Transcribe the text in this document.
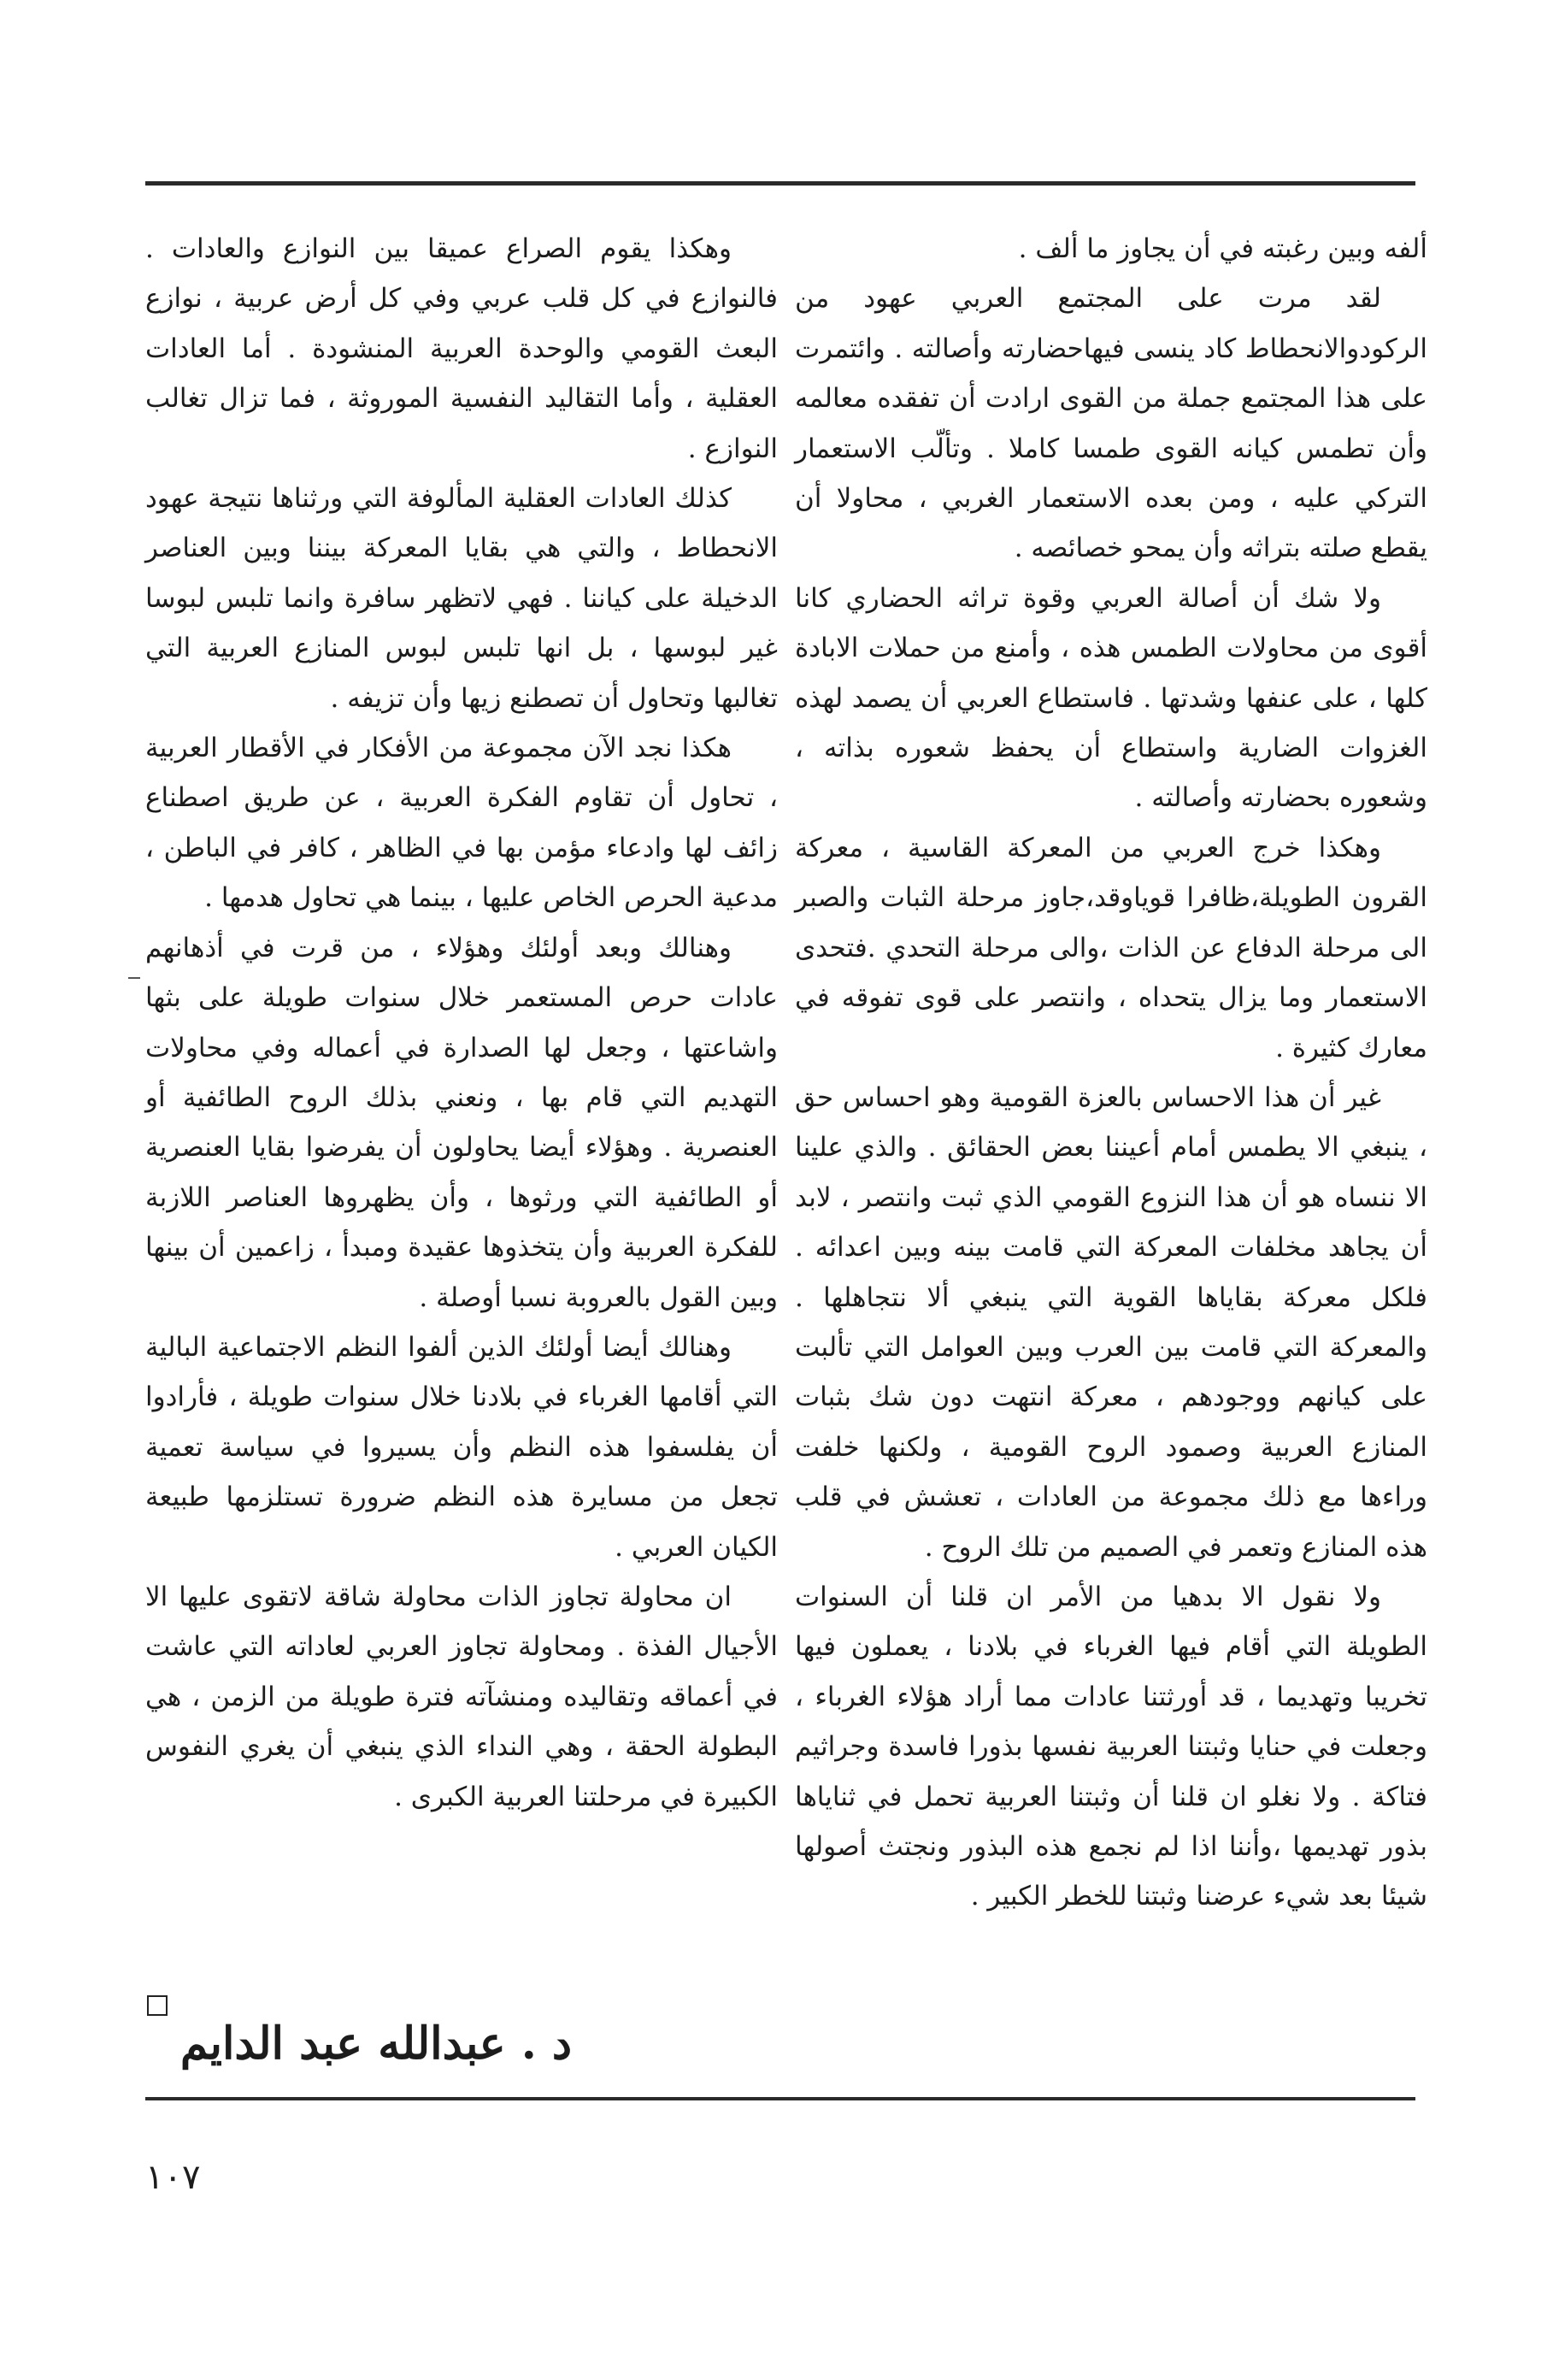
ألفه وبين رغبته في أن يجاوز ما ألف .

لقد مرت على المجتمع العربي عهود من الركودوالانحطاط كاد ينسى فيهاحضارته وأصالته . وائتمرت على هذا المجتمع جملة من القوى ارادت أن تفقده معالمه وأن تطمس كيانه القوى طمسا كاملا . وتألّب الاستعمار التركي عليه ، ومن بعده الاستعمار الغربي ، محاولا أن يقطع صلته بتراثه وأن يمحو خصائصه .

ولا شك أن أصالة العربي وقوة تراثه الحضاري كانا أقوى من محاولات الطمس هذه ، وأمنع من حملات الابادة كلها ، على عنفها وشدتها . فاستطاع العربي أن يصمد لهذه الغزوات الضارية واستطاع أن يحفظ شعوره بذاته ، وشعوره بحضارته وأصالته .

وهكذا خرج العربي من المعركة القاسية ، معركة القرون الطويلة،ظافرا قوياوقد،جاوز مرحلة الثبات والصبر الى مرحلة الدفاع عن الذات ،والى مرحلة التحدي .فتحدى الاستعمار وما يزال يتحداه ، وانتصر على قوى تفوقه في معارك كثيرة .

غير أن هذا الاحساس بالعزة القومية وهو احساس حق ، ينبغي الا يطمس أمام أعيننا بعض الحقائق . والذي علينا الا ننساه هو أن هذا النزوع القومي الذي ثبت وانتصر ، لابد أن يجاهد مخلفات المعركة التي قامت بينه وبين اعدائه . فلكل معركة بقاياها القوية التي ينبغي ألا نتجاهلها . والمعركة التي قامت بين العرب وبين العوامل التي تألبت على كيانهم ووجودهم ، معركة انتهت دون شك بثبات المنازع العربية وصمود الروح القومية ، ولكنها خلفت وراءها مع ذلك مجموعة من العادات ، تعشش في قلب هذه المنازع وتعمر في الصميم من تلك الروح .

ولا نقول الا بدهيا من الأمر ان قلنا أن السنوات الطويلة التي أقام فيها الغرباء في بلادنا ، يعملون فيها تخريبا وتهديما ، قد أورثتنا عادات مما أراد هؤلاء الغرباء ، وجعلت في حنايا وثبتنا العربية نفسها بذورا فاسدة وجراثيم فتاكة . ولا نغلو ان قلنا أن وثبتنا العربية تحمل في ثناياها بذور تهديمها ،وأننا اذا لم نجمع هذه البذور ونجتث أصولها شيئا بعد شيء عرضنا وثبتنا للخطر الكبير .

وهكذا يقوم الصراع عميقا بين النوازع والعادات . فالنوازع في كل قلب عربي وفي كل أرض عربية ، نوازع البعث القومي والوحدة العربية المنشودة . أما العادات العقلية ، وأما التقاليد النفسية الموروثة ، فما تزال تغالب النوازع .

كذلك العادات العقلية المألوفة التي ورثناها نتيجة عهود الانحطاط ، والتي هي بقايا المعركة بيننا وبين العناصر الدخيلة على كياننا . فهي لاتظهر سافرة وانما تلبس لبوسا غير لبوسها ، بل انها تلبس لبوس المنازع العربية التي تغالبها وتحاول أن تصطنع زيها وأن تزيفه .

هكذا نجد الآن مجموعة من الأفكار في الأقطار العربية ، تحاول أن تقاوم الفكرة العربية ، عن طريق اصطناع زائف لها وادعاء مؤمن بها في الظاهر ، كافر في الباطن ، مدعية الحرص الخاص عليها ، بينما هي تحاول هدمها .

وهنالك وبعد أولئك وهؤلاء ، من قرت في أذهانهم عادات حرص المستعمر خلال سنوات طويلة على بثها واشاعتها ، وجعل لها الصدارة في أعماله وفي محاولات التهديم التي قام بها ، ونعني بذلك الروح الطائفية أو العنصرية . وهؤلاء أيضا يحاولون أن يفرضوا بقايا العنصرية أو الطائفية التي ورثوها ، وأن يظهروها العناصر اللازبة للفكرة العربية وأن يتخذوها عقيدة ومبدأ ، زاعمين أن بينها وبين القول بالعروبة نسبا أوصلة .

وهنالك أيضا أولئك الذين ألفوا النظم الاجتماعية البالية التي أقامها الغرباء في بلادنا خلال سنوات طويلة ، فأرادوا أن يفلسفوا هذه النظم وأن يسيروا في سياسة تعمية تجعل من مسايرة هذه النظم ضرورة تستلزمها طبيعة الكيان العربي .

ان محاولة تجاوز الذات محاولة شاقة لاتقوى عليها الا الأجيال الفذة . ومحاولة تجاوز العربي لعاداته التي عاشت في أعماقه وتقاليده ومنشآته فترة طويلة من الزمن ، هي البطولة الحقة ، وهي النداء الذي ينبغي أن يغري النفوس الكبيرة في مرحلتنا العربية الكبرى .

د . عبدالله عبد الدايم
١٠٧
